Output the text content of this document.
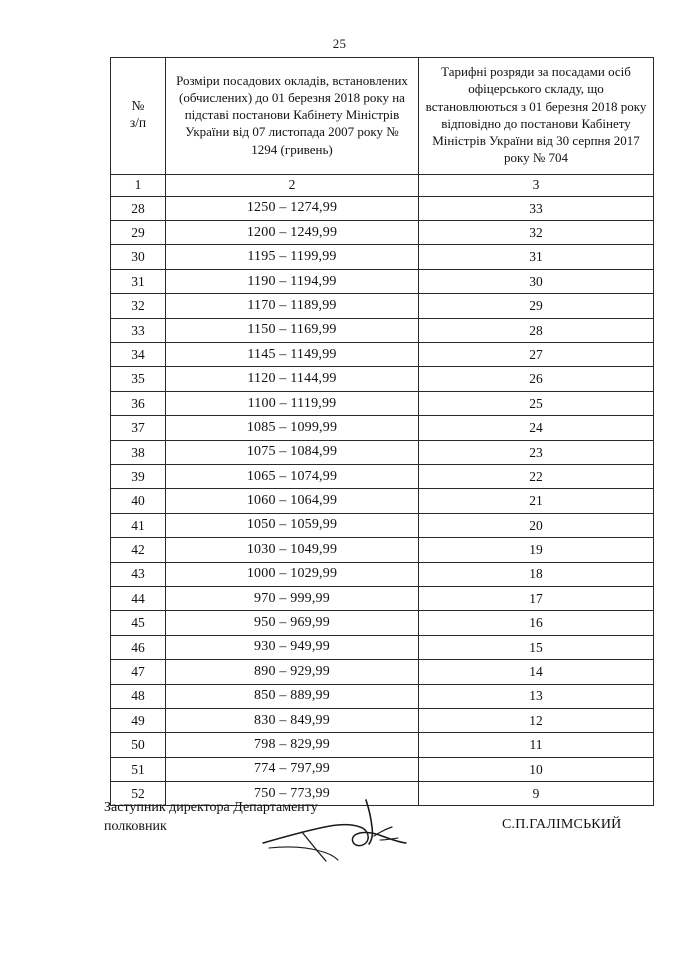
25
№
з/п	Розміри посадових окладів, встановлених (обчислених) до 01 березня 2018 року на підставі постанови Кабінету Міністрів України від 07 листопада 2007 року № 1294 (гривень)	Тарифні розряди за посадами осіб офіцерського складу, що встановлюються з 01 березня 2018 року відповідно до постанови Кабінету Міністрів України від 30 серпня 2017 року № 704
1	2	3
28	1250 – 1274,99	33
29	1200 – 1249,99	32
30	1195 – 1199,99	31
31	1190 – 1194,99	30
32	1170 – 1189,99	29
33	1150 – 1169,99	28
34	1145 – 1149,99	27
35	1120 – 1144,99	26
36	1100 – 1119,99	25
37	1085 – 1099,99	24
38	1075 – 1084,99	23
39	1065 – 1074,99	22
40	1060 – 1064,99	21
41	1050 – 1059,99	20
42	1030 – 1049,99	19
43	1000 – 1029,99	18
44	970 – 999,99	17
45	950 – 969,99	16
46	930 – 949,99	15
47	890 – 929,99	14
48	850 – 889,99	13
49	830 – 849,99	12
50	798 – 829,99	11
51	774 – 797,99	10
52	750 – 773,99	9
Заступник директора Департаменту
полковник	С.П.ГАЛІМСЬКИЙ
